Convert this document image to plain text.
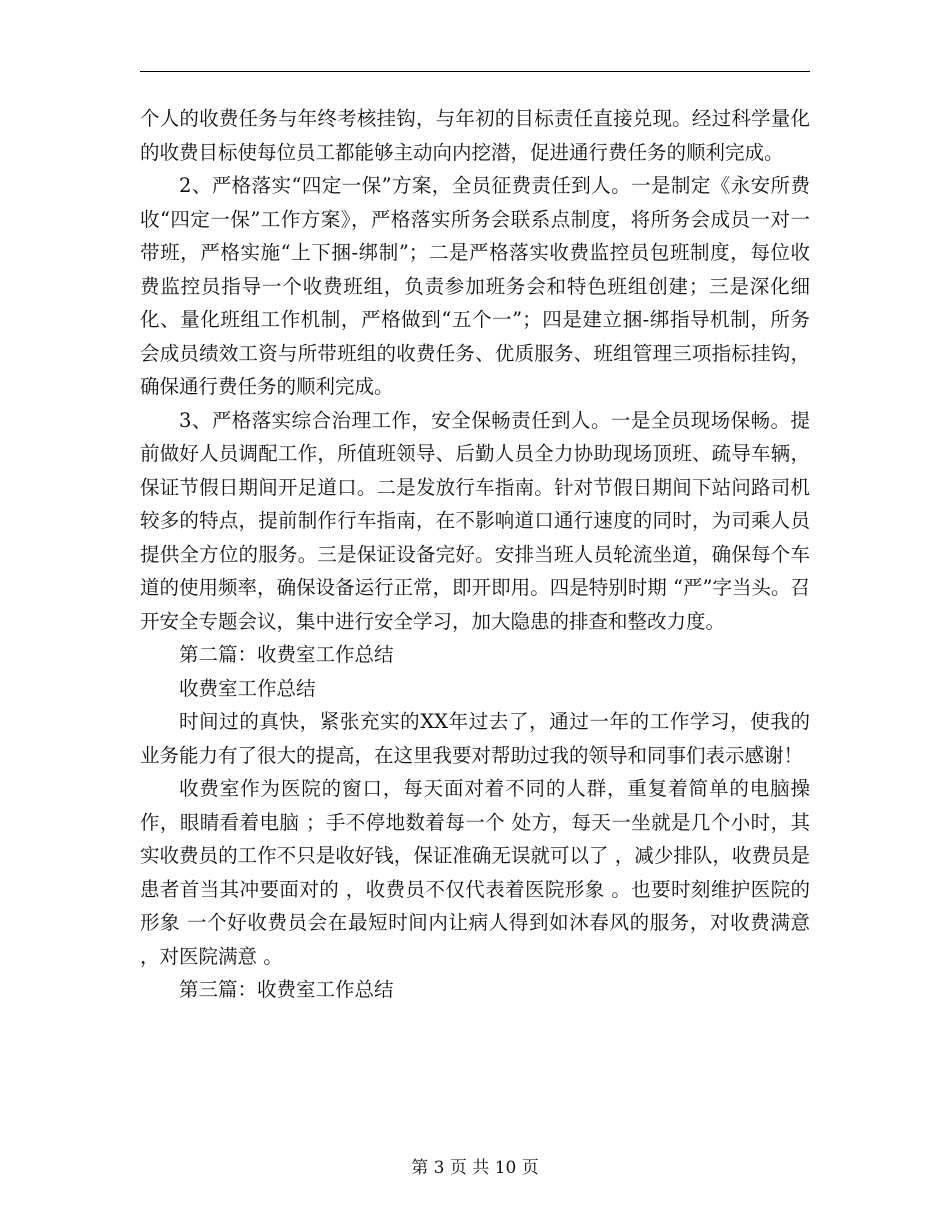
个人的收费任务与年终考核挂钩，与年初的目标责任直接兑现。经过科学量化的收费目标使每位员工都能够主动向内挖潜，促进通行费任务的顺利完成。

2、严格落实“四定一保”方案，全员征费责任到人。一是制定《永安所费收“四定一保”工作方案》，严格落实所务会联系点制度，将所务会成员一对一带班，严格实施“上下捆-绑制”；二是严格落实收费监控员包班制度，每位收费监控员指导一个收费班组，负责参加班务会和特色班组创建；三是深化细化、量化班组工作机制，严格做到“五个一”；四是建立捆-绑指导机制，所务会成员绩效工资与所带班组的收费任务、优质服务、班组管理三项指标挂钩，确保通行费任务的顺利完成。

3、严格落实综合治理工作，安全保畅责任到人。一是全员现场保畅。提前做好人员调配工作，所值班领导、后勤人员全力协助现场顶班、疏导车辆，保证节假日期间开足道口。二是发放行车指南。针对节假日期间下站问路司机较多的特点，提前制作行车指南，在不影响道口通行速度的同时，为司乘人员提供全方位的服务。三是保证设备完好。安排当班人员轮流坐道，确保每个车道的使用频率，确保设备运行正常，即开即用。四是特别时期 “严”字当头。召开安全专题会议，集中进行安全学习，加大隐患的排查和整改力度。

第二篇：收费室工作总结

收费室工作总结

时间过的真快，紧张充实的XX年过去了，通过一年的工作学习，使我的业务能力有了很大的提高，在这里我要对帮助过我的领导和同事们表示感谢！

收费室作为医院的窗口，每天面对着不同的人群，重复着简单的电脑操作，眼睛看着电脑 ；手不停地数着每一个 处方，每天一坐就是几个小时，其实收费员的工作不只是收好钱，保证准确无误就可以了 ，减少排队，收费员是患者首当其冲要面对的 ，收费员不仅代表着医院形象 。也要时刻维护医院的形象 一个好收费员会在最短时间内让病人得到如沐春风的服务，对收费满意 ，对医院满意 。

第三篇：收费室工作总结

第 3 页 共 10 页
